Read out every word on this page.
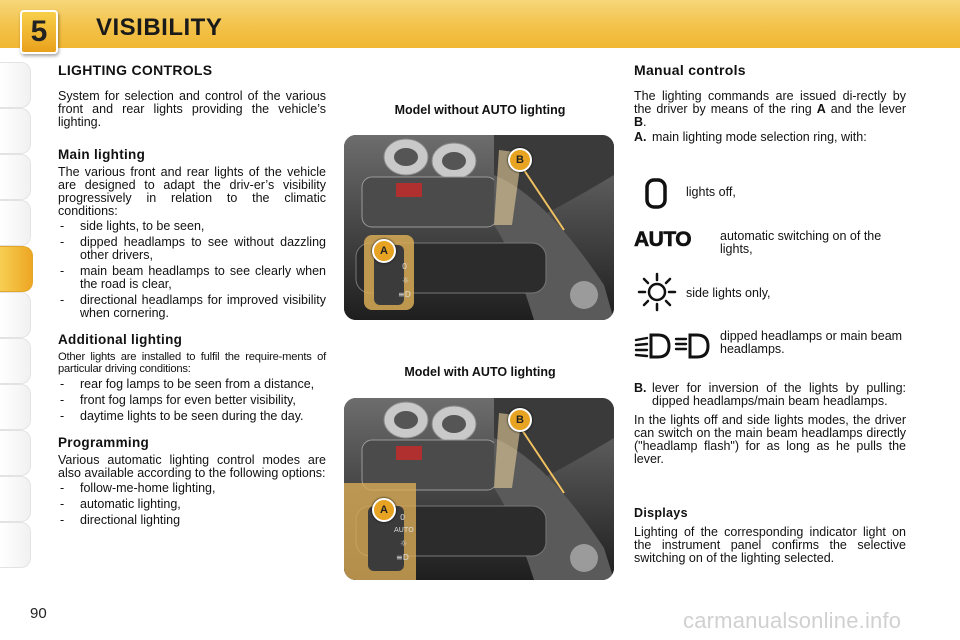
5	VISIBILITY
LIGHTING CONTROLS

System for selection and control of the various front and rear lights providing the vehicle’s lighting.

Main lighting

The various front and rear lights of the vehicle are designed to adapt the driv-er’s visibility progressively in relation to the climatic conditions:

- side lights, to be seen,
- dipped headlamps to see without dazzling other drivers,
- main beam headlamps to see clearly when the road is clear,
- directional headlamps for improved visibility when cornering.
Additional lighting

Other lights are installed to fulfil the require-ments of particular driving conditions:

- rear fog lamps to be seen from a distance,
- front fog lamps for even better visibility,
- daytime lights to be seen during the day.
Programming

Various automatic lighting control modes are also available according to the following options:

- follow-me-home lighting,
- automatic lighting,
- directional lighting
Model without AUTO lighting
0
☼
≡D
A
B
Model with AUTO lighting
0
AUTO
☼
≡D
A
B
Manual controls

The lighting commands are issued di-rectly by the driver by means of the ring A and the lever B.

A. main lighting mode selection ring, with:
lights off,
AUTO automatic switching on of the lights,
side lights only,
dipped headlamps or main beam headlamps.
B. lever for inversion of the lights by pulling: dipped headlamps/main beam headlamps.

In the lights off and side lights modes, the driver can switch on the main beam headlamps directly ("headlamp flash") for as long as he pulls the lever.

Displays

Lighting of the corresponding indicator light on the instrument panel confirms the selective switching on of the lighting selected.

90	carmanualsonline.info
